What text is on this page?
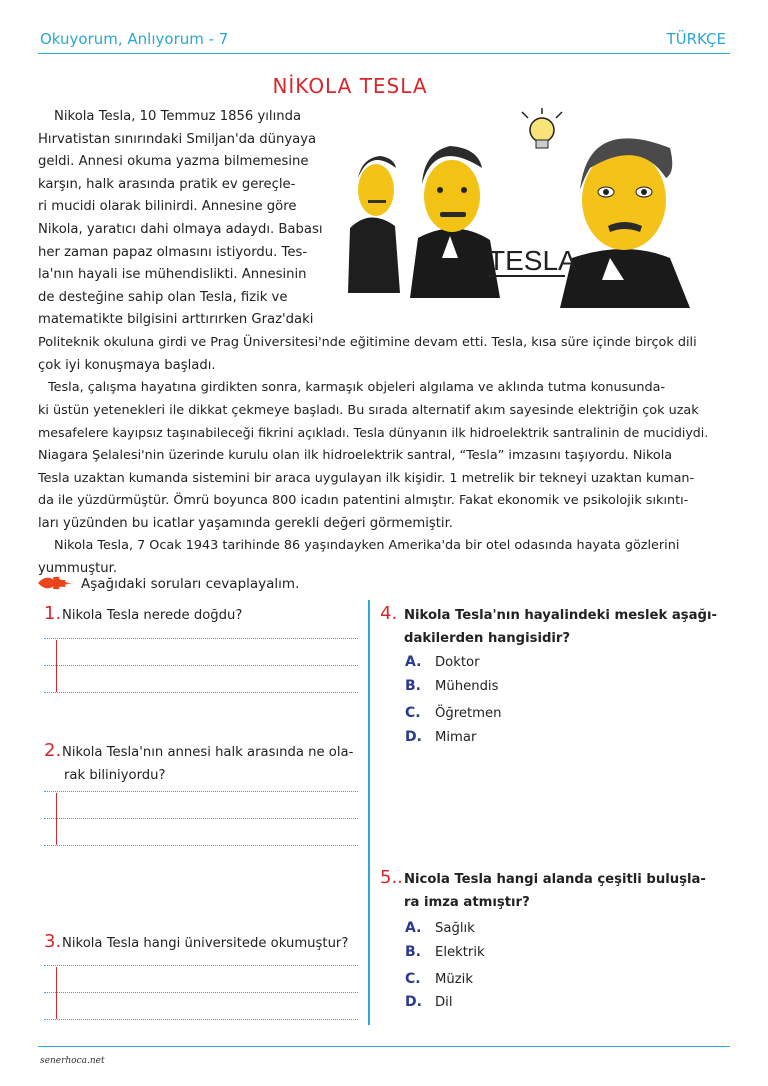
Okuyorum, Anlıyorum - 7	TÜRKÇE
NİKOLA TESLA
Nikola Tesla, 10 Temmuz 1856 yılında
Hırvatistan sınırındaki Smiljan'da dünyaya
geldi. Annesi okuma yazma bilmemesine
karşın, halk arasında pratik ev gereçle-
ri mucidi olarak bilinirdi. Annesine göre
Nikola, yaratıcı dahi olmaya adaydı. Babası
her zaman papaz olmasını istiyordu. Tes-
la'nın hayali ise mühendislikti. Annesinin
de desteğine sahip olan Tesla, fizik ve
matematikte bilgisini arttırırken Graz'daki
Politeknik okuluna girdi ve Prag Üniversitesi'nde eğitimine devam etti. Tesla, kısa süre içinde birçok dili
çok iyi konuşmaya başladı.
Tesla, çalışma hayatına girdikten sonra, karmaşık objeleri algılama ve aklında tutma konusunda-
ki üstün yetenekleri ile dikkat çekmeye başladı. Bu sırada alternatif akım sayesinde elektriğin çok uzak
mesafelere kayıpsız taşınabileceği fikrini açıkladı. Tesla dünyanın ilk hidroelektrik santralinin de mucidiydi.
Niagara Şelalesi'nin üzerinde kurulu olan ilk hidroelektrik santral, “Tesla” imzasını taşıyordu. Nikola
Tesla uzaktan kumanda sistemini bir araca uygulayan ilk kişidir. 1 metrelik bir tekneyi uzaktan kuman-
da ile yüzdürmüştür. Ömrü boyunca 800 icadın patentini almıştır. Fakat ekonomik ve psikolojik sıkıntı-
ları yüzünden bu icatlar yaşamında gerekli değeri görmemiştir.
Nikola Tesla, 7 Ocak 1943 tarihinde 86 yaşındayken Amerika'da bir otel odasında hayata gözlerini
yummuştur.
TESLA
Aşağıdaki soruları cevaplayalım.
1. Nikola Tesla nerede doğdu?
2. Nikola Tesla'nın annesi halk arasında ne ola-
rak biliniyordu?
3. Nikola Tesla hangi üniversitede okumuştur?
4. Nikola Tesla'nın hayalindeki meslek aşağı-
dakilerden hangisidir?
A. Doktor
B. Mühendis
C. Öğretmen
D. Mimar
5.. Nicola Tesla hangi alanda çeşitli buluşla-
ra imza atmıştır?
A. Sağlık
B. Elektrik
C. Müzik
D. Dil
senerhoca.net
